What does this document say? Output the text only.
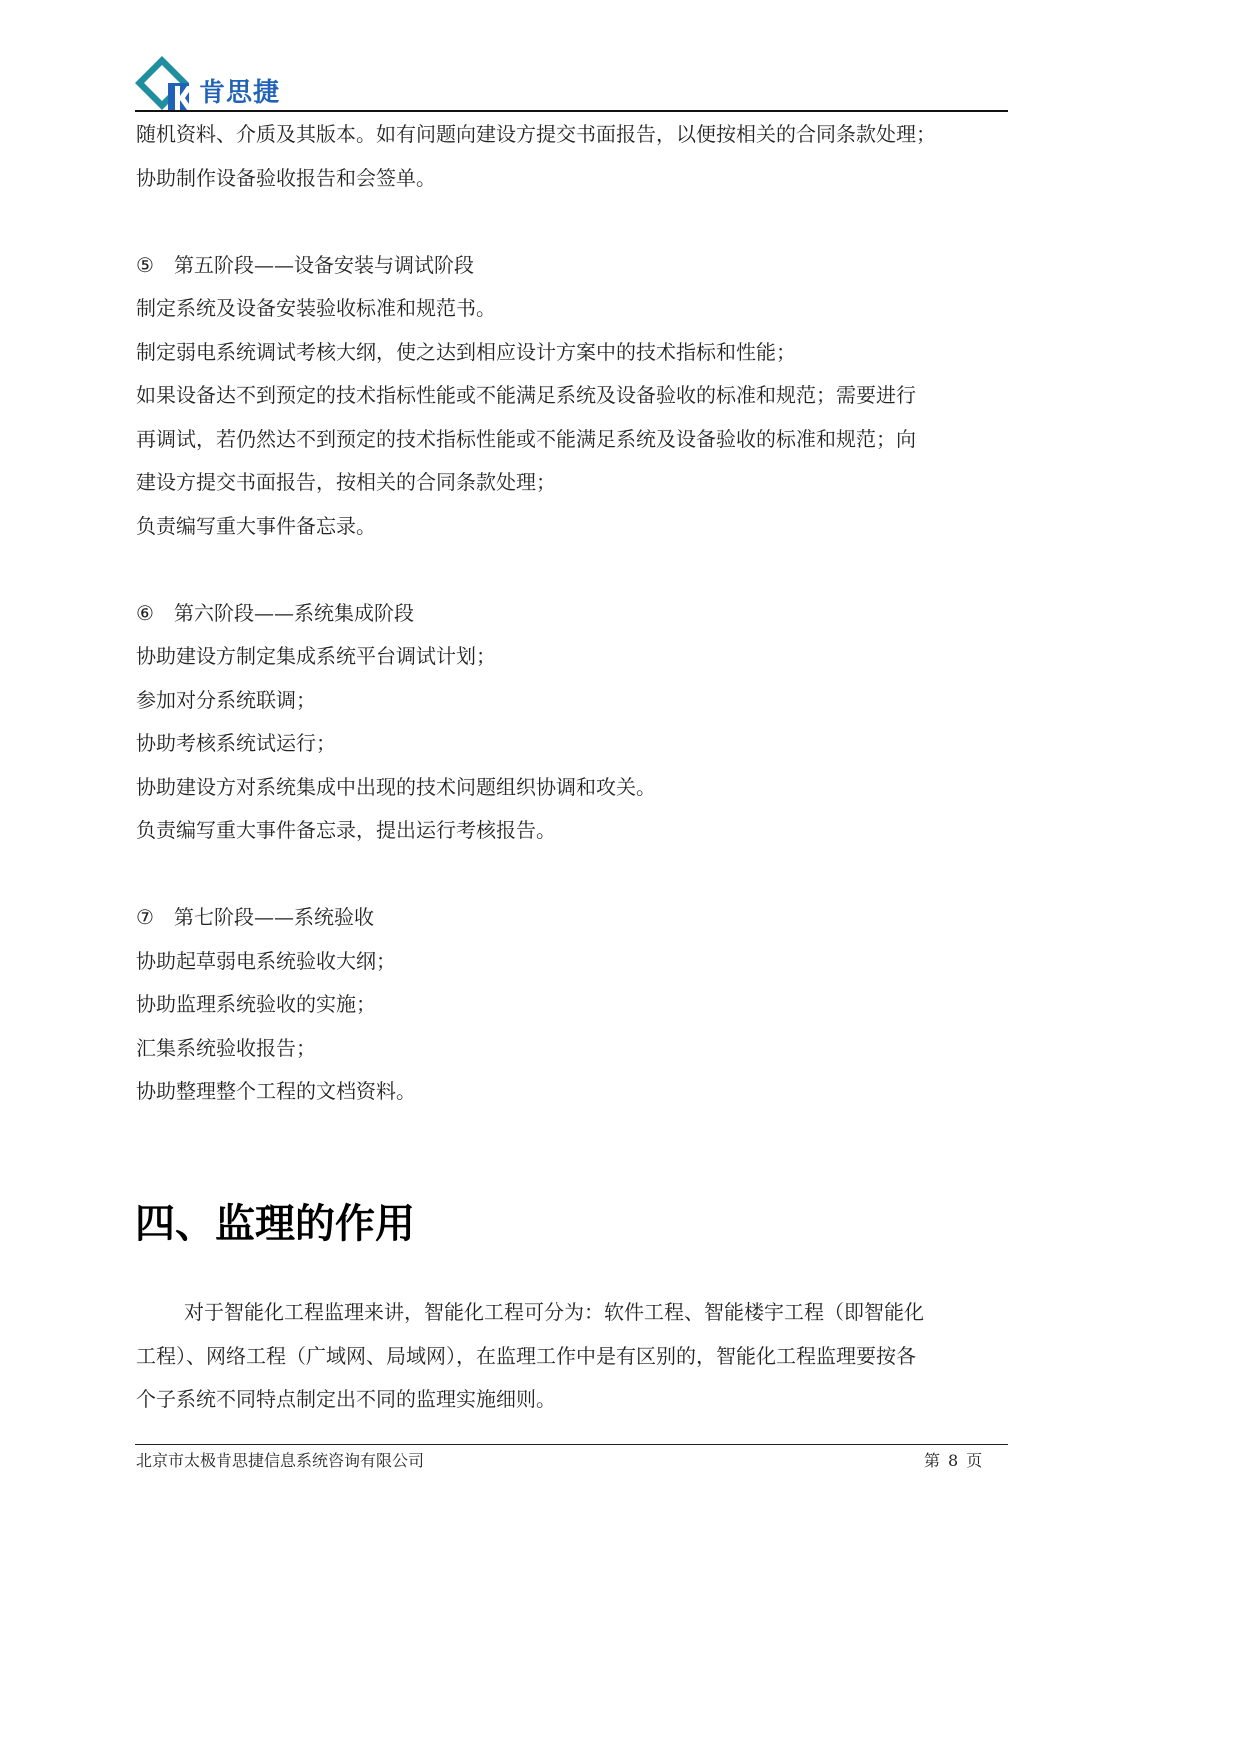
肯思捷
随机资料、介质及其版本。如有问题向建设方提交书面报告，以便按相关的合同条款处理；
协助制作设备验收报告和会签单。
⑤ 第五阶段——设备安装与调试阶段
制定系统及设备安装验收标准和规范书。
制定弱电系统调试考核大纲，使之达到相应设计方案中的技术指标和性能；
如果设备达不到预定的技术指标性能或不能满足系统及设备验收的标准和规范；需要进行
再调试，若仍然达不到预定的技术指标性能或不能满足系统及设备验收的标准和规范；向
建设方提交书面报告，按相关的合同条款处理；
负责编写重大事件备忘录。
⑥ 第六阶段——系统集成阶段
协助建设方制定集成系统平台调试计划；
参加对分系统联调；
协助考核系统试运行；
协助建设方对系统集成中出现的技术问题组织协调和攻关。
负责编写重大事件备忘录，提出运行考核报告。
⑦ 第七阶段——系统验收
协助起草弱电系统验收大纲；
协助监理系统验收的实施；
汇集系统验收报告；
协助整理整个工程的文档资料。
四、监理的作用
对于智能化工程监理来讲，智能化工程可分为：软件工程、智能楼宇工程（即智能化
工程）、网络工程（广域网、局域网），在监理工作中是有区别的，智能化工程监理要按各
个子系统不同特点制定出不同的监理实施细则。
北京市太极肯思捷信息系统咨询有限公司	第 8 页
